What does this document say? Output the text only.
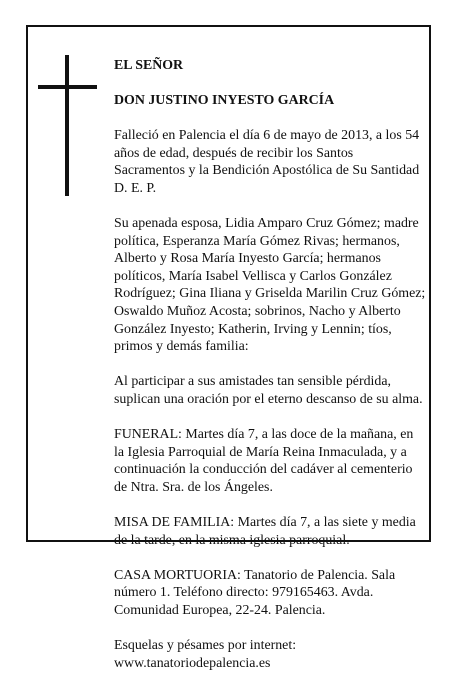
EL SEÑOR

DON JUSTINO INYESTO GARCÍA

Falleció en Palencia el día 6 de mayo de 2013, a los 54
años de edad, después de recibir los Santos
Sacramentos y la Bendición Apostólica de Su Santidad
D. E. P.

Su apenada esposa, Lidia Amparo Cruz Gómez; madre
política, Esperanza María Gómez Rivas; hermanos,
Alberto y Rosa María Inyesto García; hermanos
políticos, María Isabel Vellisca y Carlos González
Rodríguez; Gina Iliana y Griselda Marilin Cruz Gómez;
Oswaldo Muñoz Acosta; sobrinos, Nacho y Alberto
González Inyesto; Katherin, Irving y Lennin; tíos,
primos y demás familia:

Al participar a sus amistades tan sensible pérdida,
suplican una oración por el eterno descanso de su alma.

FUNERAL: Martes día 7, a las doce de la mañana, en
la Iglesia Parroquial de María Reina Inmaculada, y a
continuación la conducción del cadáver al cementerio
de Ntra. Sra. de los Ángeles.

MISA DE FAMILIA: Martes día 7, a las siete y media
de la tarde, en la misma iglesia parroquial.

CASA MORTUORIA: Tanatorio de Palencia. Sala
número 1. Teléfono directo: 979165463. Avda.
Comunidad Europea, 22-24. Palencia.

Esquelas y pésames por internet:
www.tanatoriodepalencia.es
